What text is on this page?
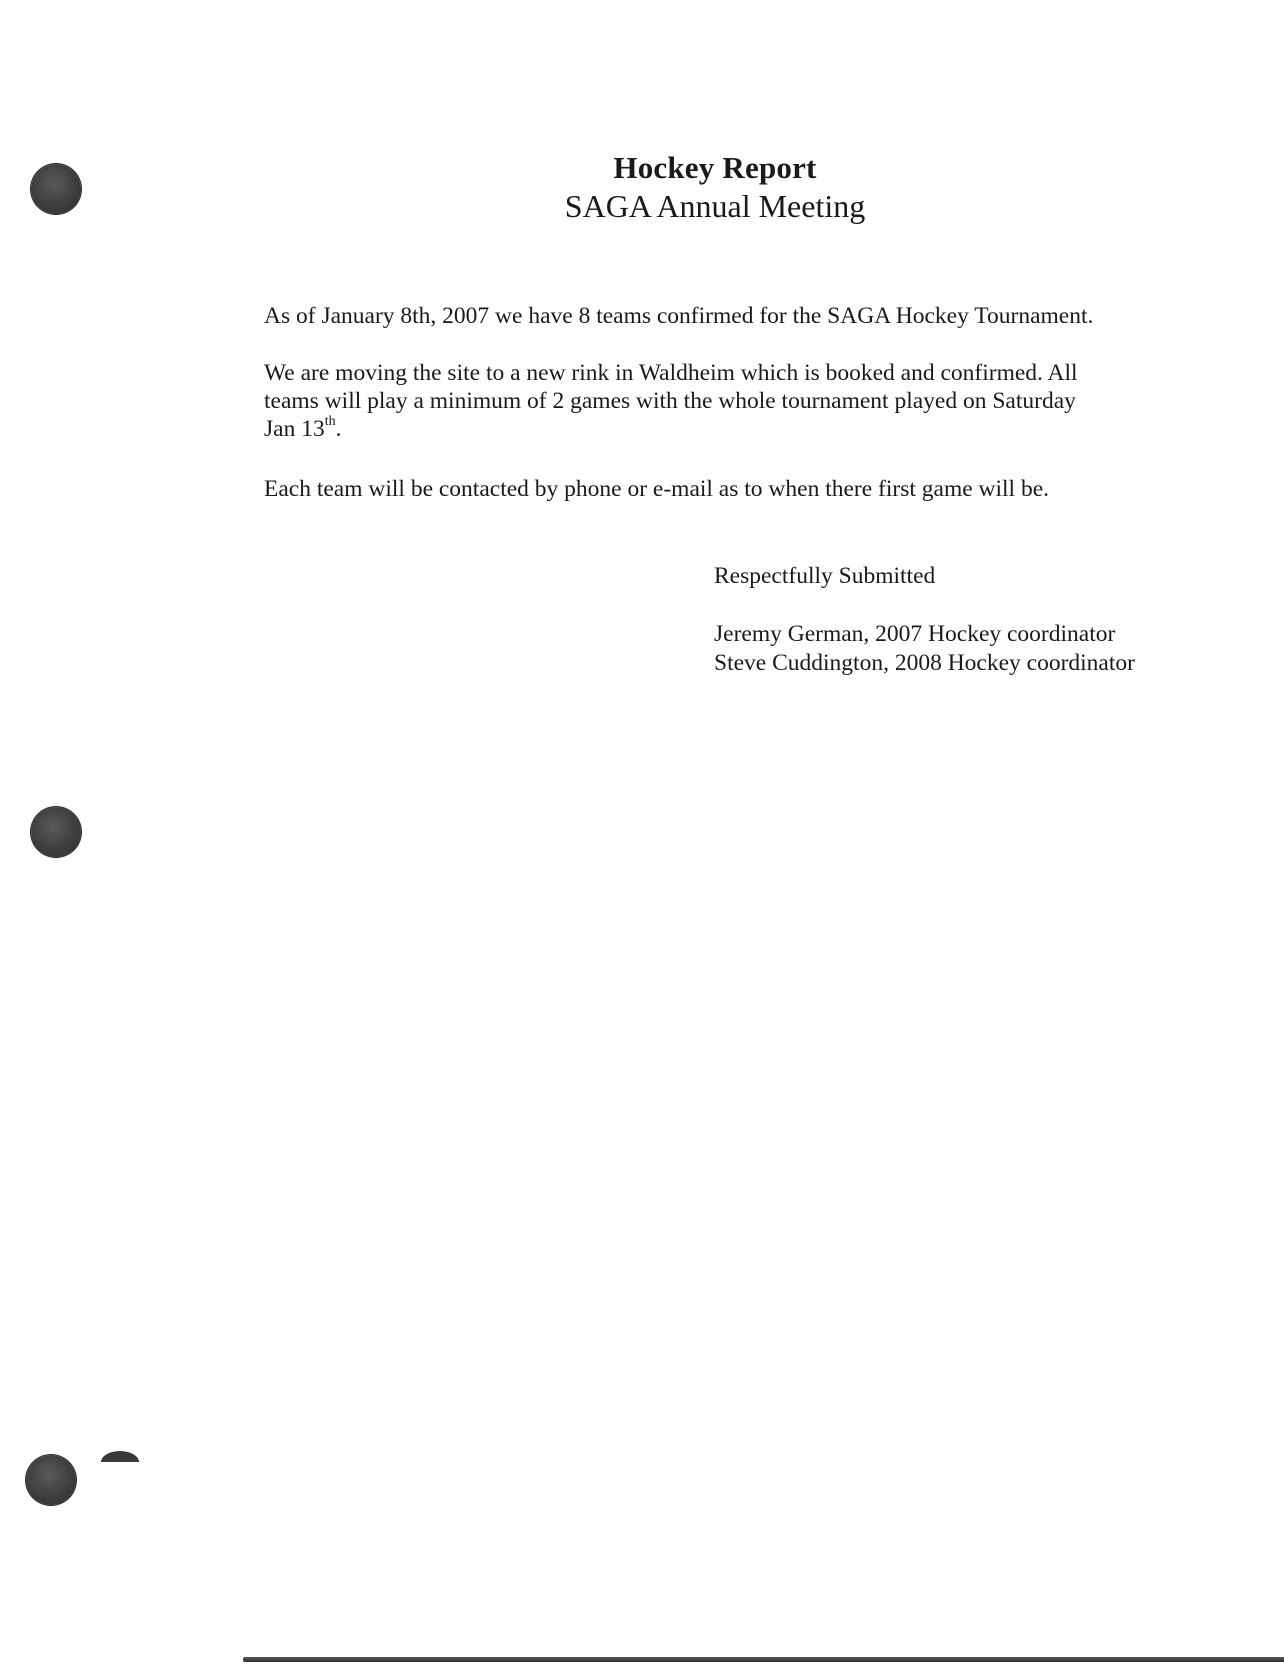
Hockey Report
SAGA Annual Meeting

As of January 8th, 2007 we have 8 teams confirmed for the SAGA Hockey Tournament.

We are moving the site to a new rink in Waldheim which is booked and confirmed. All
teams will play a minimum of 2 games with the whole tournament played on Saturday
Jan 13th.

Each team will be contacted by phone or e-mail as to when there first game will be.

Respectfully Submitted
Jeremy German, 2007 Hockey coordinator
Steve Cuddington, 2008 Hockey coordinator
